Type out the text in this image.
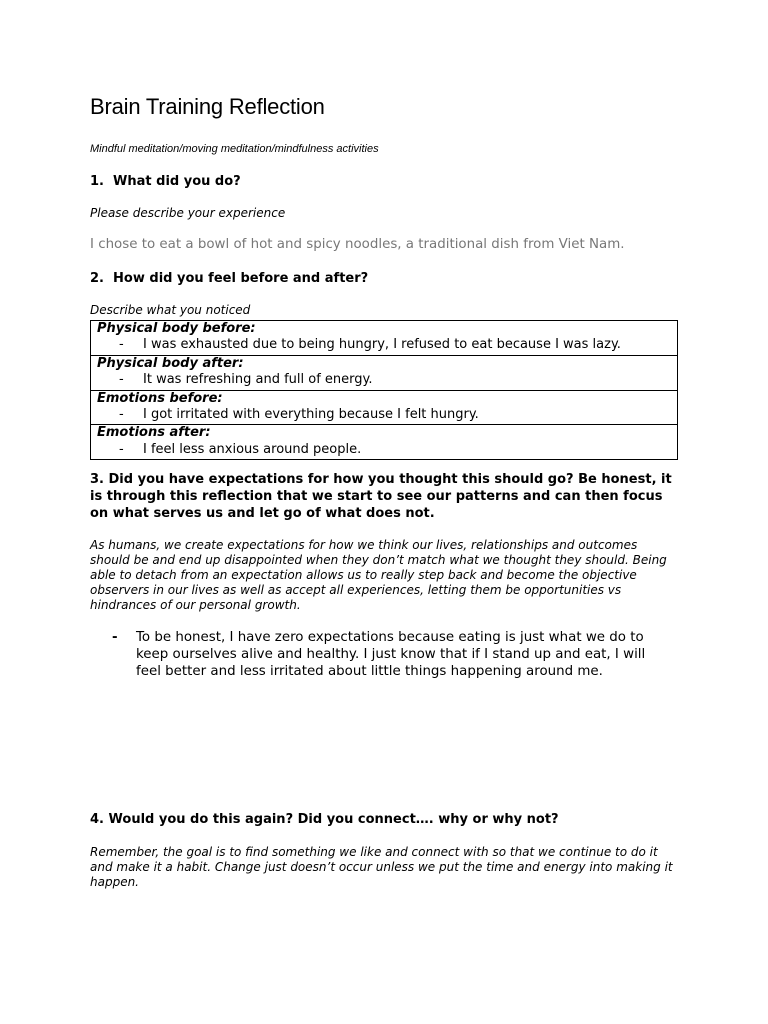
Brain Training Reflection

Mindful meditation/moving meditation/mindfulness activities

1. What did you do?

Please describe your experience

I chose to eat a bowl of hot and spicy noodles, a traditional dish from Viet Nam.

2. How did you feel before and after?

Describe what you noticed

Physical body before:
- I was exhausted due to being hungry, I refused to eat because I was lazy.

Physical body after:
- It was refreshing and full of energy.

Emotions before:
- I got irritated with everything because I felt hungry.

Emotions after:
- I feel less anxious around people.

3. Did you have expectations for how you thought this should go? Be honest, it is through this reflection that we start to see our patterns and can then focus on what serves us and let go of what does not.

As humans, we create expectations for how we think our lives, relationships and outcomes should be and end up disappointed when they don’t match what we thought they should. Being able to detach from an expectation allows us to really step back and become the objective observers in our lives as well as accept all experiences, letting them be opportunities vs hindrances of our personal growth.

-	To be honest, I have zero expectations because eating is just what we do to keep ourselves alive and healthy. I just know that if I stand up and eat, I will feel better and less irritated about little things happening around me.

4. Would you do this again? Did you connect…. why or why not?

Remember, the goal is to find something we like and connect with so that we continue to do it and make it a habit. Change just doesn’t occur unless we put the time and energy into making it happen.
